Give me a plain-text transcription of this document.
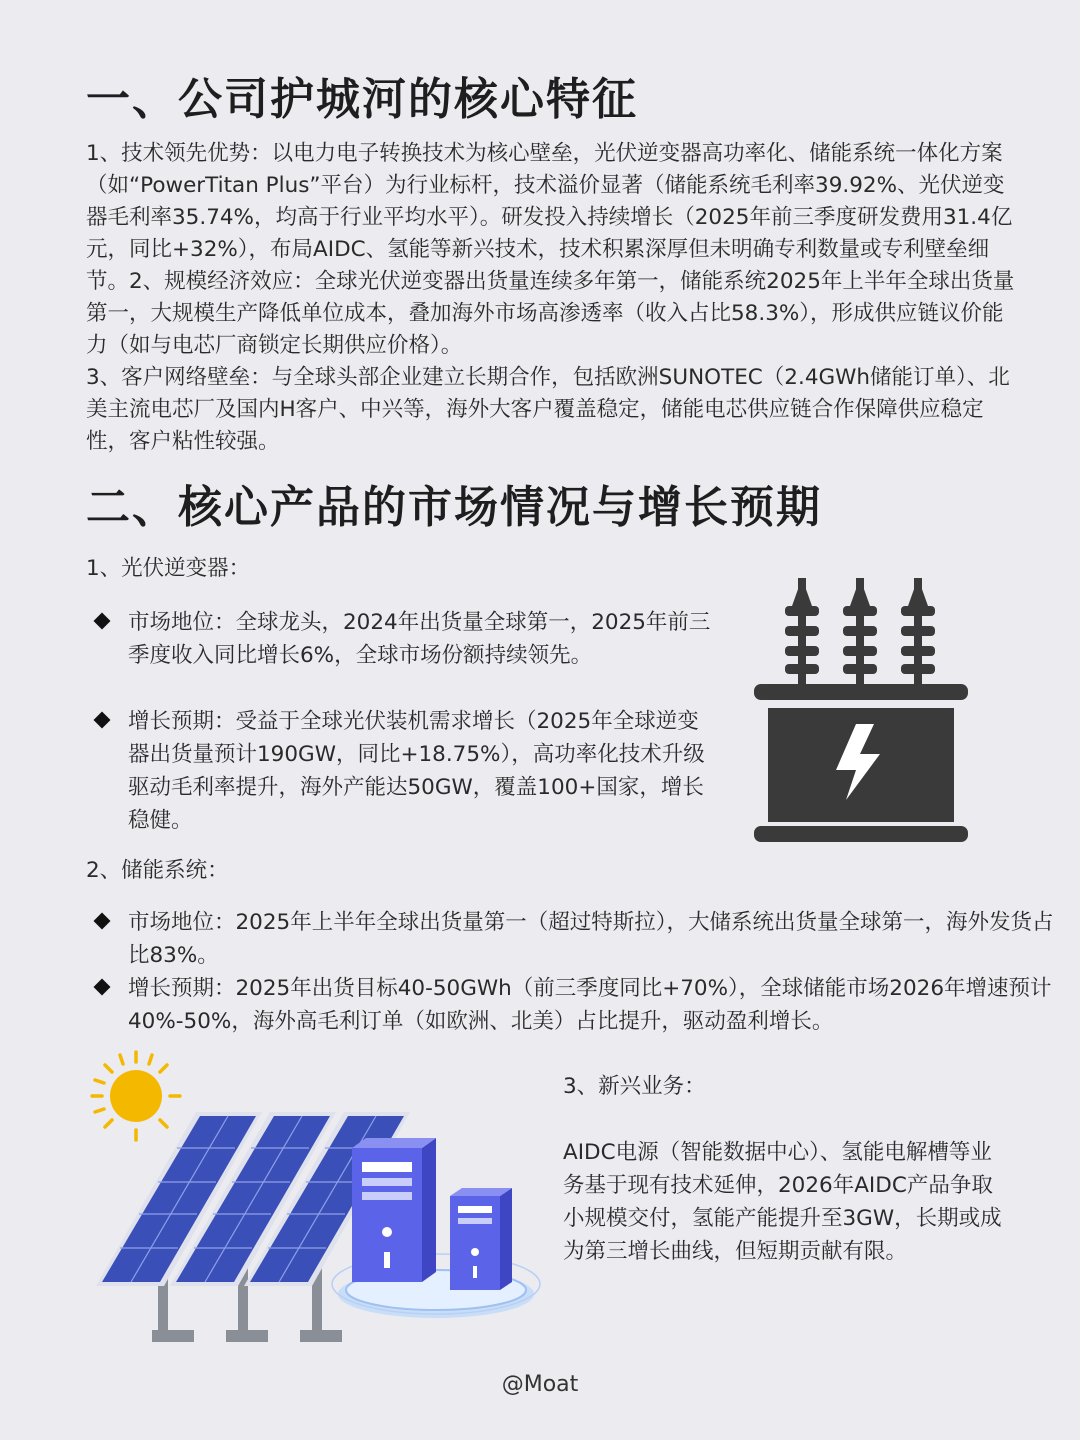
一、公司护城河的核心特征

1、技术领先优势：以电力电子转换技术为核心壁垒，光伏逆变器高功率化、储能系统一体化方案（如“PowerTitan Plus”平台）为行业标杆，技术溢价显著（储能系统毛利率39.92%、光伏逆变器毛利率35.74%，均高于行业平均水平）。研发投入持续增长（2025年前三季度研发费用31.4亿元，同比+32%），布局AIDC、氢能等新兴技术，技术积累深厚但未明确专利数量或专利壁垒细节。2、规模经济效应：全球光伏逆变器出货量连续多年第一，储能系统2025年上半年全球出货量第一，大规模生产降低单位成本，叠加海外市场高渗透率（收入占比58.3%），形成供应链议价能力（如与电芯厂商锁定长期供应价格）。

3、客户网络壁垒：与全球头部企业建立长期合作，包括欧洲SUNOTEC（2.4GWh储能订单）、北美主流电芯厂及国内H客户、中兴等，海外大客户覆盖稳定，储能电芯供应链合作保障供应稳定性，客户粘性较强。

二、核心产品的市场情况与增长预期

1、光伏逆变器：

市场地位：全球龙头，2024年出货量全球第一，2025年前三季度收入同比增长6%，全球市场份额持续领先。
增长预期：受益于全球光伏装机需求增长（2025年全球逆变器出货量预计190GW，同比+18.75%），高功率化技术升级驱动毛利率提升，海外产能达50GW，覆盖100+国家，增长稳健。

2、储能系统：

市场地位：2025年上半年全球出货量第一（超过特斯拉），大储系统出货量全球第一，海外发货占比83%。
增长预期：2025年出货目标40-50GWh（前三季度同比+70%），全球储能市场2026年增速预计40%-50%，海外高毛利订单（如欧洲、北美）占比提升，驱动盈利增长。

3、新兴业务：

AIDC电源（智能数据中心）、氢能电解槽等业务基于现有技术延伸，2026年AIDC产品争取小规模交付，氢能产能提升至3GW，长期或成为第三增长曲线，但短期贡献有限。

@Moat
